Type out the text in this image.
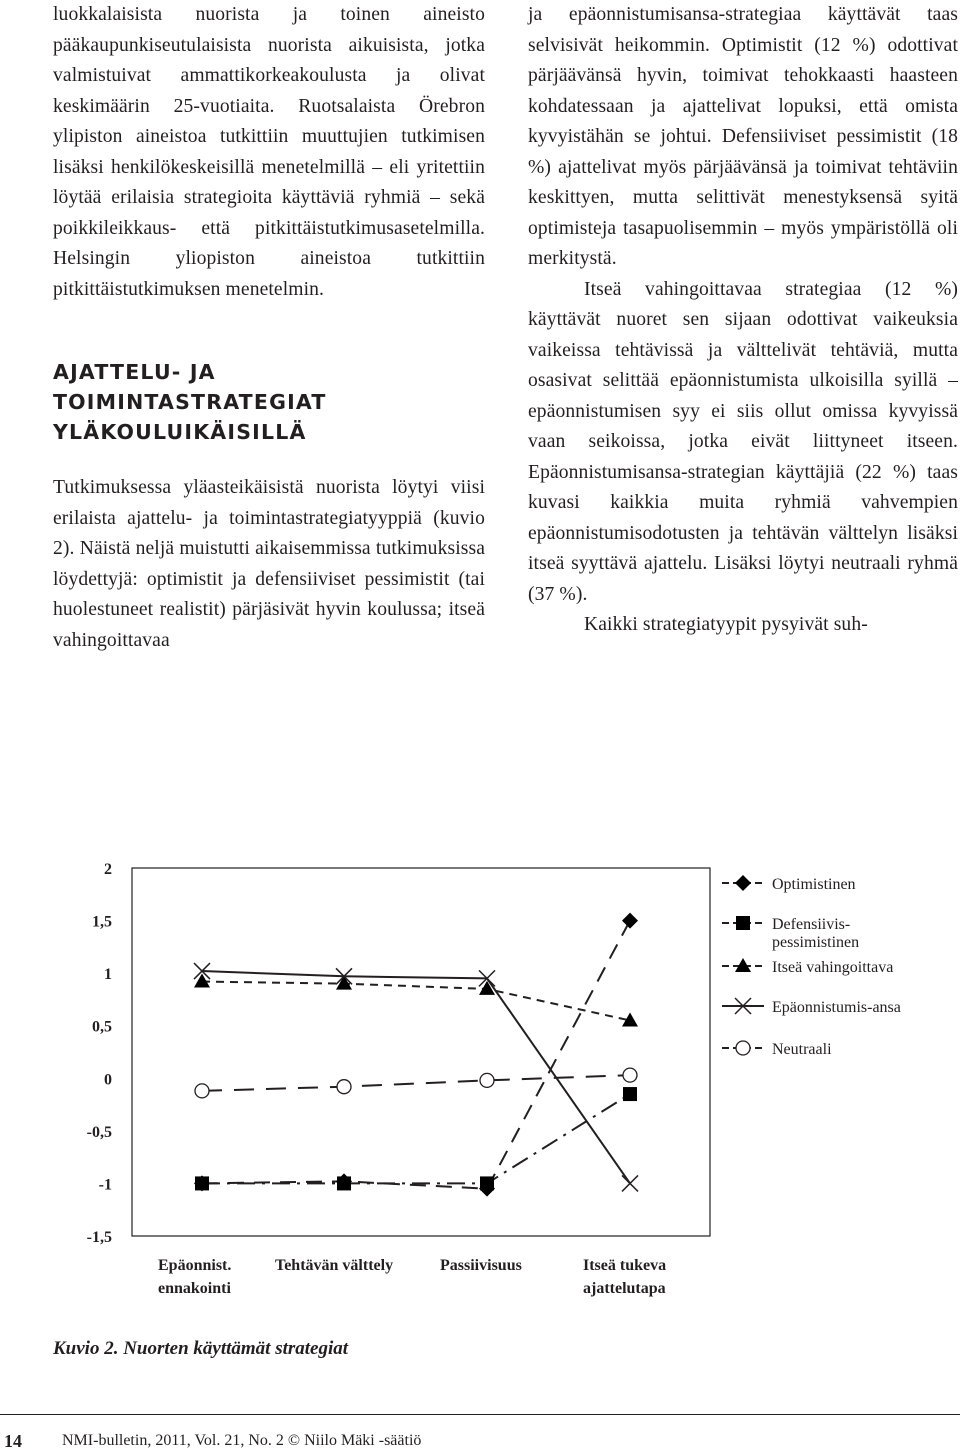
luokkalaisista nuorista ja toinen aineisto pääkaupunkiseutulaisista nuorista aikuisista, jotka valmistuivat ammattikorkeakoulusta ja olivat keskimäärin 25-vuotiaita. Ruotsalaista Örebron ylipiston aineistoa tutkittiin muuttujien tutkimisen lisäksi henkilökeskeisillä menetelmillä – eli yritettiin löytää erilaisia strategioita käyttäviä ryhmiä – sekä poikkileikkaus- että pitkittäistutkimusasetelmilla. Helsingin yliopiston aineistoa tutkittiin pitkittäistutkimuksen menetelmin.

AJATTELU- JA TOIMINTASTRATEGIAT
YLÄKOULUIKÄISILLÄ

Tutkimuksessa yläasteikäisistä nuorista löytyi viisi erilaista ajattelu- ja toimintastrategiatyyppiä (kuvio 2). Näistä neljä muistutti aikaisemmissa tutkimuksissa löydettyjä: optimistit ja defensiiviset pessimistit (tai huolestuneet realistit) pärjäsivät hyvin koulussa; itseä vahingoittavaa

ja epäonnistumisansa-strategiaa käyttävät taas selvisivät heikommin. Optimistit (12 %) odottivat pärjäävänsä hyvin, toimivat tehokkaasti haasteen kohdatessaan ja ajattelivat lopuksi, että omista kyvyistähän se johtui. Defensiiviset pessimistit (18 %) ajattelivat myös pärjäävänsä ja toimivat tehtäviin keskittyen, mutta selittivät menestyksensä syitä optimisteja tasapuolisemmin – myös ympäristöllä oli merkitystä.

Itseä vahingoittavaa strategiaa (12 %) käyttävät nuoret sen sijaan odottivat vaikeuksia vaikeissa tehtävissä ja välttelivät tehtäviä, mutta osasivat selittää epäonnistumista ulkoisilla syillä – epäonnistumisen syy ei siis ollut omissa kyvyissä vaan seikoissa, jotka eivät liittyneet itseen. Epäonnistumisansa-strategian käyttäjiä (22 %) taas kuvasi kaikkia muita ryhmiä vahvempien epäonnistumisodotusten ja tehtävän välttelyn lisäksi itseä syyttävä ajattelu. Lisäksi löytyi neutraali ryhmä (37 %).

Kaikki strategiatyypit pysyivät suh-

2
1,5
1
0,5
0
-0,5
-1
-1,5
Epäonnist.
ennakointi
Tehtävän välttely	Passiivisuus	Itseä tukeva
ajattelutapa
Optimistinen
Defensiivis-
pessimistinen
Itseä vahingoittava
Epäonnistumis-ansa
Neutraali
Kuvio 2. Nuorten käyttämät strategiat
14	NMI-bulletin, 2011, Vol. 21, No. 2 © Niilo Mäki -säätiö
